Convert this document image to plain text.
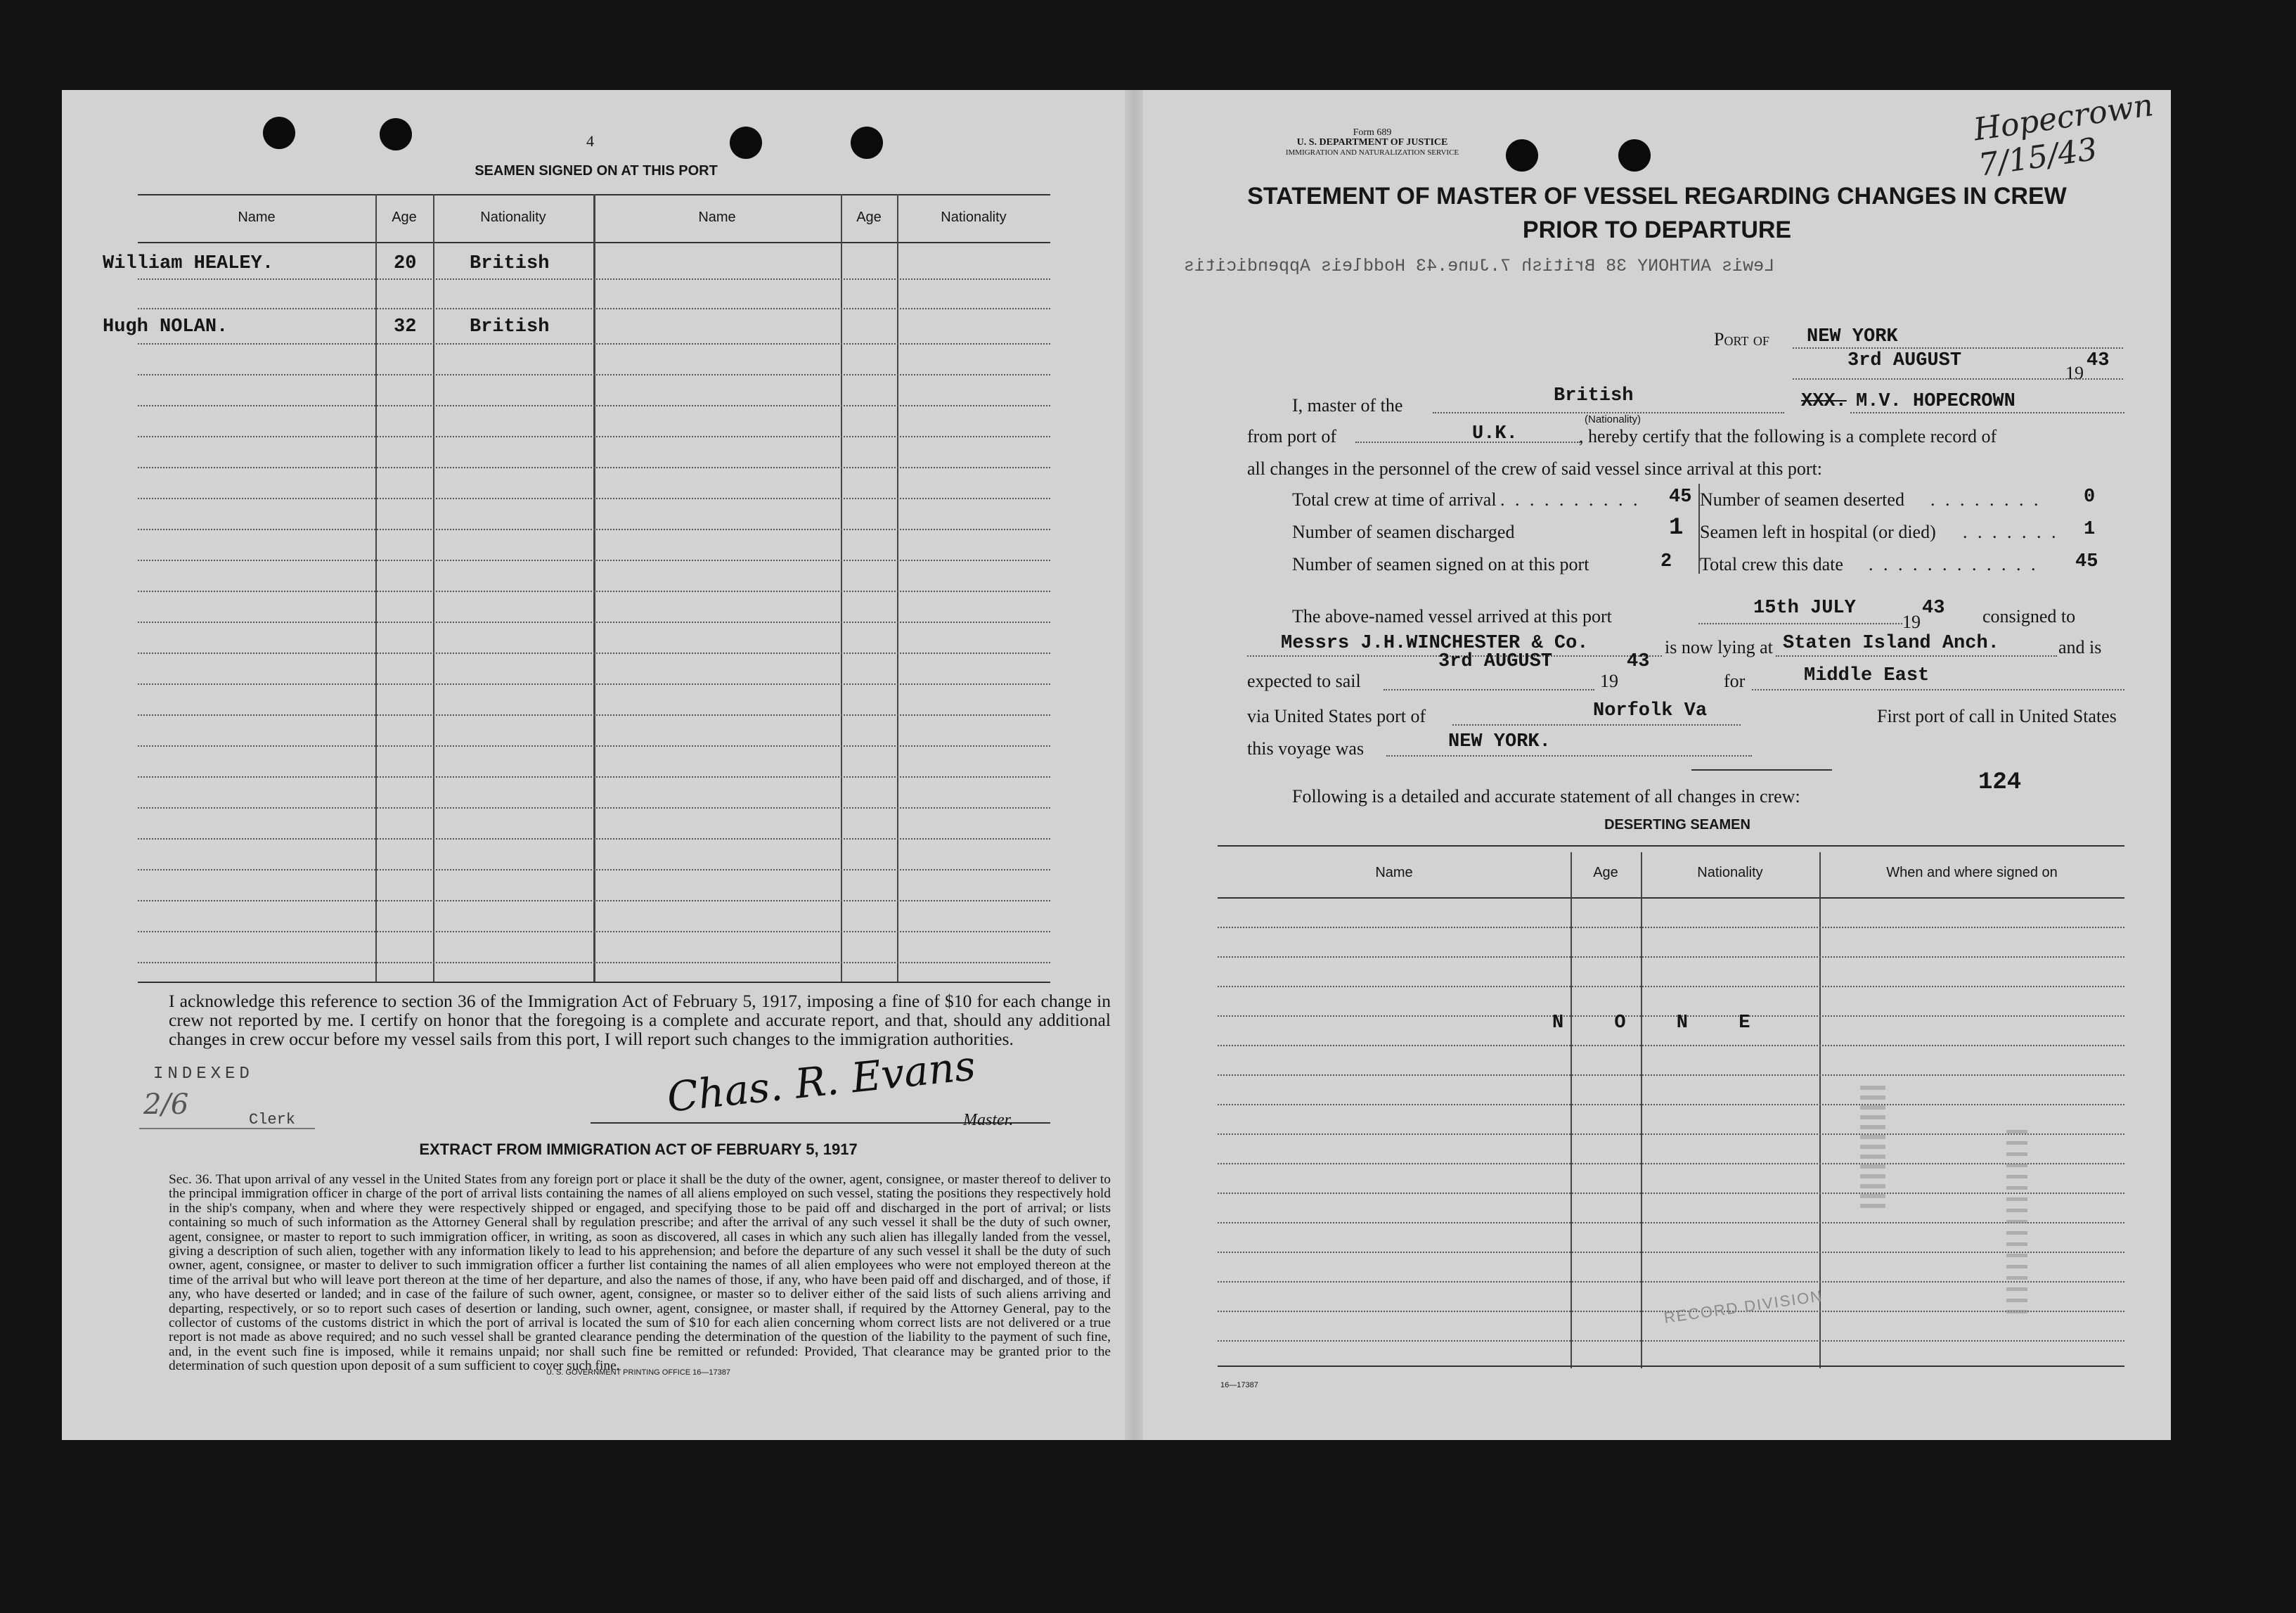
4
SEAMEN SIGNED ON AT THIS PORT
Name	Age	Nationality	Name	Age	Nationality
William HEALEY.	20	British
Hugh NOLAN.	32	British
I acknowledge this reference to section 36 of the Immigration Act of February 5, 1917, imposing a fine of $10 for each change in crew not reported by me. I certify on honor that the foregoing is a complete and accurate report, and that, should any additional changes in crew occur before my vessel sails from this port, I will report such changes to the immigration authorities.
INDEXED
2/6	Clerk	Chas. R. Evans
Master.
EXTRACT FROM IMMIGRATION ACT OF FEBRUARY 5, 1917
Sec. 36. That upon arrival of any vessel in the United States from any foreign port or place it shall be the duty of the owner, agent, consignee, or master thereof to deliver to the principal immigration officer in charge of the port of arrival lists containing the names of all aliens employed on such vessel, stating the positions they respectively hold in the ship's company, when and where they were respectively shipped or engaged, and specifying those to be paid off and discharged in the port of arrival; or lists containing so much of such information as the Attorney General shall by regulation prescribe; and after the arrival of any such vessel it shall be the duty of such owner, agent, consignee, or master to report to such immigration officer, in writing, as soon as discovered, all cases in which any such alien has illegally landed from the vessel, giving a description of such alien, together with any information likely to lead to his apprehension; and before the departure of any such vessel it shall be the duty of such owner, agent, consignee, or master to deliver to such immigration officer a further list containing the names of all alien employees who were not employed thereon at the time of the arrival but who will leave port thereon at the time of her departure, and also the names of those, if any, who have been paid off and discharged, and of those, if any, who have deserted or landed; and in case of the failure of such owner, agent, consignee, or master so to deliver either of the said lists of such aliens arriving and departing, respectively, or so to report such cases of desertion or landing, such owner, agent, consignee, or master shall, if required by the Attorney General, pay to the collector of customs of the customs district in which the port of arrival is located the sum of $10 for each alien concerning whom correct lists are not delivered or a true report is not made as above required; and no such vessel shall be granted clearance pending the determination of the question of the liability to the payment of such fine, and, in the event such fine is imposed, while it remains unpaid; nor shall such fine be remitted or refunded: Provided, That clearance may be granted prior to the determination of such question upon deposit of a sum sufficient to cover such fine.
U. S. GOVERNMENT PRINTING OFFICE 16—17387
Form 689
U. S. DEPARTMENT OF JUSTICE
IMMIGRATION AND NATURALIZATION SERVICE
Hopecrown 7/15/43
STATEMENT OF MASTER OF VESSEL REGARDING CHANGES IN CREW
PRIOR TO DEPARTURE
Lewis ANTHONY 38 British 7.June.43 Hoddleis Appendicitis
Port of NEW YORK
3rd AUGUST
19
43
I, master of the	British
(Nationality)
XXX. M.V. HOPECROWN
from port of	U.K.	, hereby certify that the following is a complete record of
all changes in the personnel of the crew of said vessel since arrival at this port:
Total crew at time of arrival . . . . . . . . . . 45 Number of seamen deserted . . . . . . . . 0
Number of seamen discharged	1 Seamen left in hospital (or died) . . . . . . . 1
Number of seamen signed on at this port	2 Total crew this date . . . . . . . . . . . . 45
The above-named vessel arrived at this port	15th JULY
19
43 consigned to
Messrs J.H.WINCHESTER & Co.	is now lying at Staten Island Anch.	and is
expected to sail
3rd AUGUST
19
43
for	Middle East
via United States port of	Norfolk Va	First port of call in United States
this voyage was	NEW YORK.
124
Following is a detailed and accurate statement of all changes in crew:
DESERTING SEAMEN
Name	Age	Nationality	When and where signed on
N O N E
RECORD DIVISION
16—17387
